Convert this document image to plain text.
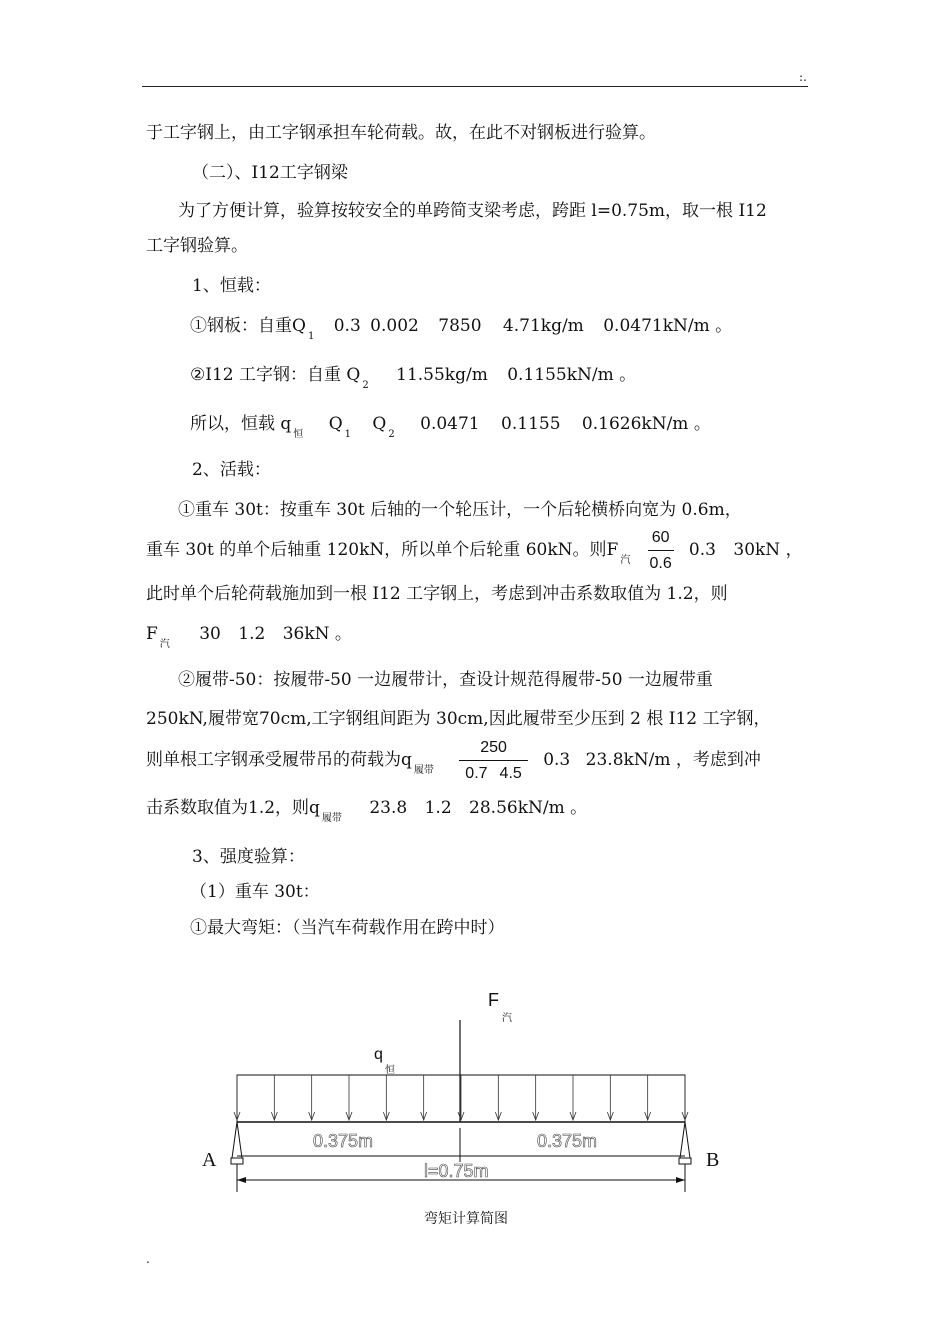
:.
于工字钢上，由工字钢承担车轮荷载。故，在此不对钢板进行验算。
（二）、I12工字钢梁
为了方便计算，验算按较安全的单跨简支梁考虑，跨距 l=0.75m，取一根 I12
工字钢验算。
1、恒载：
①钢板：自重$Q_1$ 0.3 0.002 7850 4.71kg/m 0.0471kN/m 。
②I12 工字钢：自重 $Q_2$ 11.55kg/m 0.1155kN/m 。
所以，恒载 $q_恒$ $Q_1$ $Q_2$ 0.0471 0.1155 0.1626kN/m 。
2、活载：
①重车 30t：按重车 30t 后轴的一个轮压计，一个后轮横桥向宽为 0.6m，
重车 30t 的单个后轴重 120kN，所以单个后轮重 60kN。则$F_汽 \frac{60}{0.6} 0.3$ 30kN ，
此时单个后轮荷载施加到一根 I12 工字钢上，考虑到冲击系数取值为 1.2，则
$F_汽$ 30 1.2 36kN 。
②履带-50：按履带-50 一边履带计，查设计规范得履带-50 一边履带重
250kN,履带宽70cm,工字钢组间距为 30cm,因此履带至少压到 2 根 I12 工字钢，
则单根工字钢承受履带吊的荷载为$q_{履带} \frac{250}{0.7 4.5} 0.3$ 23.8kN/m ，考虑到冲
击系数取值为1.2，则$q_{履带}$ 23.8 1.2 28.56kN/m 。
3、强度验算：
（1）重车 30t：
①最大弯矩：（当汽车荷载作用在跨中时）
F
汽
q
恒
A	B
0.375m	0.375m
l=0.75m
弯矩计算简图
.
